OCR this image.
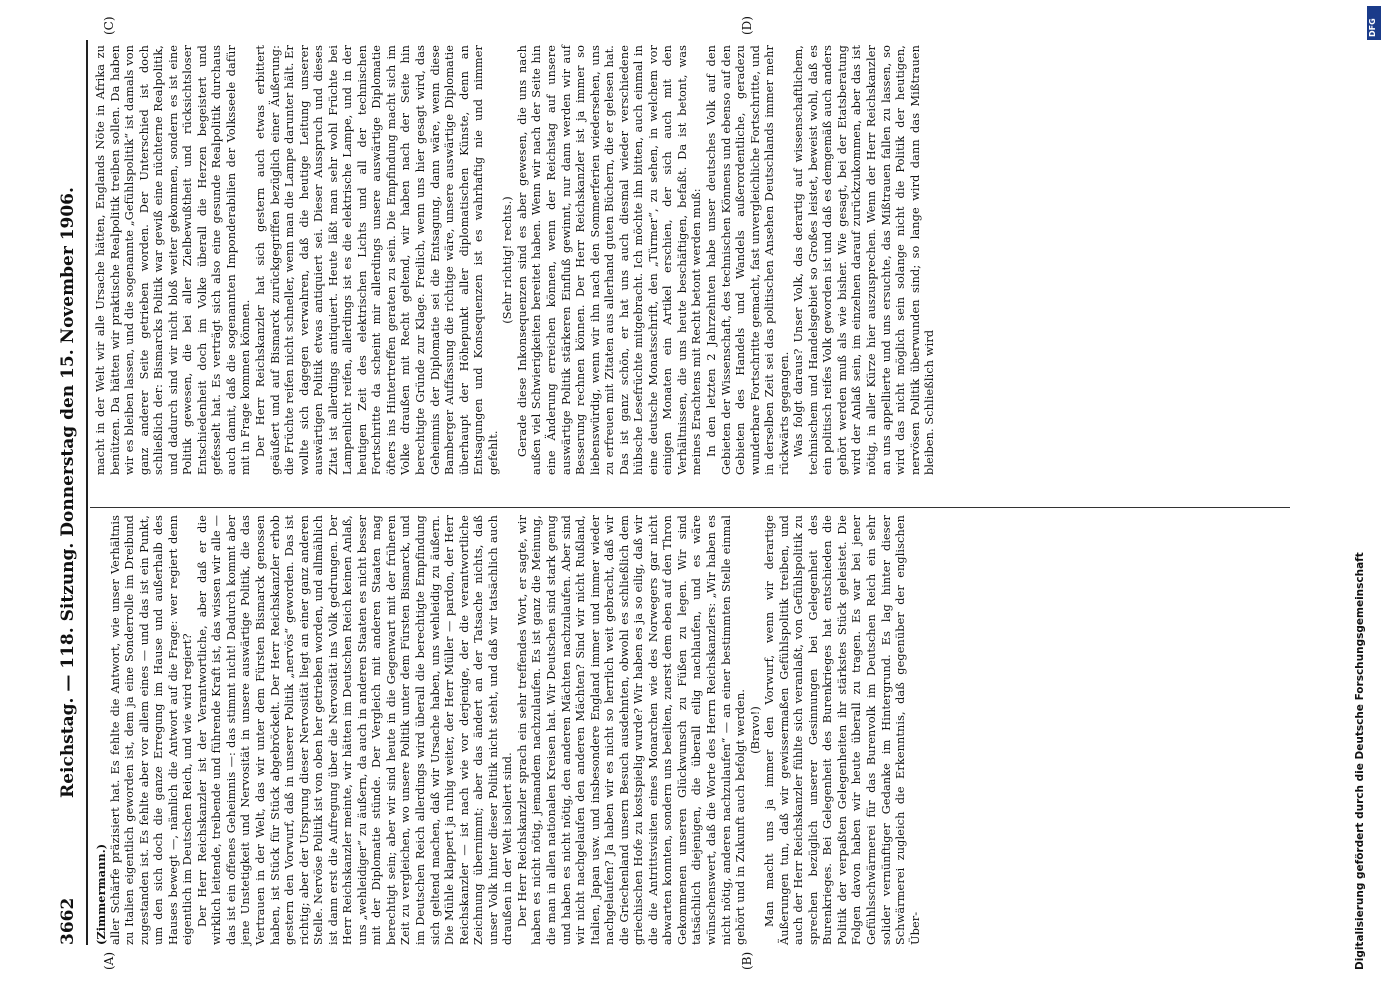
3662
Reichstag. — 118. Sitzung. Donnerstag den 15. November 1906.
(A)	(B)
(C)	(D)

(Zimmermann.) aller Schärfe präzisiert hat. Es fehlte die Antwort, wie unser Verhältnis zu Italien eigentlich geworden ist, dem ja eine Sonderrolle im Dreibund zugestanden ist. Es fehlte aber vor allem eines — und das ist ein Punkt, um den sich doch die ganze Erregung im Hause und außerhalb des Hauses bewegt —, nämlich die Antwort auf die Frage: wer regiert denn eigentlich im Deutschen Reich, und wie wird regiert? Der Herr Reichskanzler ist der Verantwortliche, aber daß er die wirklich leitende, treibende und führende Kraft ist, das wissen wir alle — das ist ein offenes Geheimnis —: das stimmt nicht! Dadurch kommt aber jene Unstetigkeit und Nervosität in unsere auswärtige Politik, die das Vertrauen in der Welt, das wir unter dem Fürsten Bismarck genossen haben, ist Stück für Stück abgebröckelt. Der Herr Reichskanzler erhob gestern den Vorwurf, daß in unserer Politik „nervös“ geworden. Das ist richtig; aber der Ursprung dieser Nervosität liegt an einer ganz anderen Stelle. Nervöse Politik ist von oben her getrieben worden, und allmählich ist dann erst die Aufregung über die Nervosität ins Volk gedrungen. Der Herr Reichskanzler meinte, wir hätten im Deutschen Reich keinen Anlaß, uns „wehleidiger“ zu äußern, da auch in anderen Staaten es nicht besser mit der Diplomatie stünde. Der Vergleich mit anderen Staaten mag berechtigt sein; aber wir sind heute in die Gegenwart mit der früheren Zeit zu vergleichen, wo unsere Politik unter dem Fürsten Bismarck, und im Deutschen Reich allerdings wird überall die berechtigte Empfindung sich geltend machen, daß wir Ursache haben, uns wehleidig zu äußern. Die Mühle klappert ja ruhig weiter, der Herr Müller — pardon, der Herr Reichskanzler — ist nach wie vor derjenige, der die verantwortliche Zeichnung übernimmt; aber das ändert an der Tatsache nichts, daß unser Volk hinter dieser Politik nicht steht, und daß wir tatsächlich auch draußen in der Welt isoliert sind. Der Herr Reichskanzler sprach ein sehr treffendes Wort, er sagte, wir haben es nicht nötig, jemandem nachzulaufen. Es ist ganz die Meinung, die man in allen nationalen Kreisen hat. Wir Deutschen sind stark genug und haben es nicht nötig, den anderen Mächten nachzulaufen. Aber sind wir nicht nachgelaufen den anderen Mächten? Sind wir nicht Rußland, Italien, Japan usw. und insbesondere England immer und immer wieder nachgelaufen? Ja haben wir es nicht so herrlich weit gebracht, daß wir die Griechenland unsern Besuch ausdehnten, obwohl es schließlich dem griechischen Hofe zu kostspielig wurde? Wir haben es ja so eilig, daß wir die die Antrittsvisiten eines Monarchen wie des Norwegers gar nicht abwarten konnten, sondern uns beeilten, zuerst dem eben auf den Thron Gekommenen unseren Glückwunsch zu Füßen zu legen. Wir sind tatsächlich diejenigen, die überall eilig nachlaufen, und es wäre wünschenswert, daß die Worte des Herrn Reichskanzlers: „Wir haben es nicht nötig, anderen nachzulaufen“ — an einer bestimmten Stelle einmal gehört und in Zukunft auch befolgt werden. (Bravo!) Man macht uns ja immer den Vorwurf, wenn wir derartige Äußerungen tun, daß wir gewissermaßen Gefühlspolitik treiben, und auch der Herr Reichskanzler fühlte sich veranlaßt, von Gefühlspolitik zu sprechen bezüglich unserer Gesinnungen bei Gelegenheit des Burenkrieges. Bei Gelegenheit des Burenkrieges hat entschieden die Politik der verpaßten Gelegenheiten ihr stärkstes Stück geleistet. Die Folgen davon haben wir heute überall zu tragen. Es war bei jener Gefühlsschwärmerei für das Burenvolk im Deutschen Reich ein sehr solider vernünftiger Gedanke im Hintergrund. Es lag hinter dieser Schwärmerei zugleich die Erkenntnis, daß gegenüber der englischen Über-

macht in der Welt wir alle Ursache hätten, Englands Nöte in Afrika zu benützen. Da hätten wir praktische Realpolitik treiben sollen. Da haben wir es bleiben lassen, und die sogenannte „Gefühlspolitik“ ist damals von ganz anderer Seite getrieben worden. Der Unterschied ist doch schließlich der: Bismarcks Politik war gewiß eine nüchterne Realpolitik, und dadurch sind wir nicht bloß weiter gekommen, sondern es ist eine Politik gewesen, die bei aller Zielbewußtheit und rücksichtsloser Entschiedenheit doch im Volke überall die Herzen begeistert und gefesselt hat. Es verträgt sich also eine gesunde Realpolitik durchaus auch damit, daß die sogenannten Imponderabilien der Volksseele dafür mit in Frage kommen können. Der Herr Reichskanzler hat sich gestern auch etwas erbittert geäußert und auf Bismarck zurückgegriffen bezüglich einer Äußerung: die Früchte reifen nicht schneller, wenn man die Lampe darunter hält. Er wollte sich dagegen verwahren, daß die heutige Leitung unserer auswärtigen Politik etwas antiquiert sei. Dieser Ausspruch und dieses Zitat ist allerdings antiquiert. Heute läßt man sehr wohl Früchte bei Lampenlicht reifen, allerdings ist es die elektrische Lampe, und in der heutigen Zeit des elektrischen Lichts und all der technischen Fortschritte da scheint mir allerdings unsere auswärtige Diplomatie öfters ins Hintertreffen geraten zu sein. Die Empfindung macht sich im Volke draußen mit Recht geltend, wir haben nach der Seite hin berechtigte Gründe zur Klage. Freilich, wenn uns hier gesagt wird, das Geheimnis der Diplomatie sei die Entsagung, dann wäre, wenn diese Bamberger Auffassung die richtige wäre, unsere auswärtige Diplomatie überhaupt der Höhepunkt aller diplomatischen Künste, denn an Entsagungen und Konsequenzen ist es wahrhaftig nie und nimmer gefehlt.

(Sehr richtig! rechts.) Gerade diese Inkonsequenzen sind es aber gewesen, die uns nach außen viel Schwierigkeiten bereitet haben. Wenn wir nach der Seite hin eine Änderung erreichen können, wenn der Reichstag auf unsere auswärtige Politik stärkeren Einfluß gewinnt, nur dann werden wir auf Besserung rechnen können. Der Herr Reichskanzler ist ja immer so liebenswürdig, wenn wir ihn nach den Sommerferien wiedersehen, uns zu erfreuen mit Zitaten aus allerhand guten Büchern, die er gelesen hat. Das ist ganz schön, er hat uns auch diesmal wieder verschiedene hübsche Lesefrüchte mitgebracht. Ich möchte ihn bitten, auch einmal in eine deutsche Monatsschrift, den „Türmer“, zu sehen, in welchem vor einigen Monaten ein Artikel erschien, der sich auch mit den Verhältnissen, die uns heute beschäftigen, befaßt. Da ist betont, was meines Erachtens mit Recht betont werden muß: In den letzten 2 Jahrzehnten habe unser deutsches Volk auf den Gebieten der Wissenschaft, des technischen Könnens und ebenso auf den Gebieten des Handels und Wandels außerordentliche, geradezu wunderbare Fortschritte gemacht, fast unvergleichliche Fortschritte, und in derselben Zeit sei das politischen Ansehen Deutschlands immer mehr rückwärts gegangen. Was folgt daraus? Unser Volk, das derartig auf wissenschaftlichem, technischem und Handelsgebiet so Großes leistet, beweist wohl, daß es ein politisch reifes Volk geworden ist und daß es demgemäß auch anders gehört werden muß als wie bisher. Wie gesagt, bei der Etatsberatung wird der Anlaß sein, im einzelnen darauf zurückzukommen, aber das ist nötig, in aller Kürze hier auszusprechen. Wenn der Herr Reichskanzler an uns appellierte und uns ersuchte, das Mißtrauen fallen zu lassen, so wird das nicht möglich sein solange nicht die Politik der heutigen, nervösen Politik überwunden sind; so lange wird dann das Mißtrauen bleiben. Schließlich wird

Digitalisierung gefördert durch die Deutsche Forschungsgemeinschaft
DFG
